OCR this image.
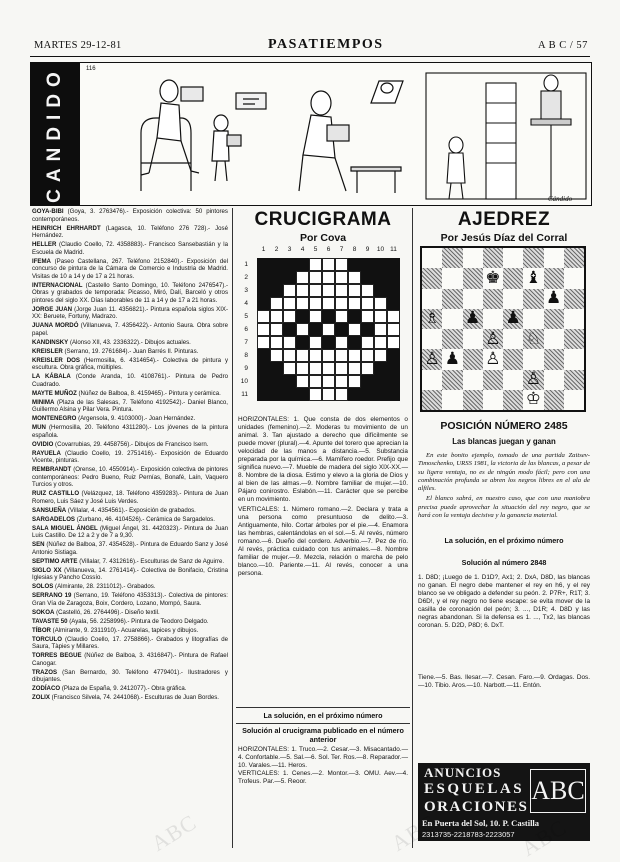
MARTES 29-12-81	PASATIEMPOS	A B C / 57
CANDIDO	116
Cándido

GOYA-BIBI (Goya, 3. 2763476).- Exposición colectiva: 50 pintores contemporáneos.

HEINRICH EHRHARDT (Lagasca, 10. Teléfono 276 728).- José Hernández.

HELLER (Claudio Coello, 72. 4358883).- Francisco Sansebastián y la Escuela de Madrid.

IFEMA (Paseo Castellana, 267. Teléfono 2152840).- Exposición del concurso de pintura de la Cámara de Comercio e Industria de Madrid. Visitas de 10 a 14 y de 17 a 21 horas.

INTERNACIONAL (Castello Santo Domingo, 10. Teléfono 2476547).- Obras y grabados de temporada: Picasso, Miró, Dalí, Barceló y otros pintores del siglo XX. Días laborables de 11 a 14 y de 17 a 21 horas.

JORGE JUAN (Jorge Juan 11. 4356821).- Pintura española siglos XIX-XX: Beruete, Fortuny, Madrazo.

JUANA MORDÓ (Villanueva, 7. 4356422).- Antonio Saura. Obra sobre papel.

KANDINSKY (Alonso XII, 43. 2336322).- Dibujos actuales.

KREISLER (Serrano, 19. 2761684).- Juan Barrés II. Pinturas.

KREISLER DOS (Hermosilla, 6. 4314654).- Colectiva de pintura y escultura. Obra gráfica, múltiples.

LA KÁBALA (Conde Aranda, 10. 4108761).- Pintura de Pedro Cuadrado.

MAYTE MUÑOZ (Núñez de Balboa, 8. 4159465).- Pintura y cerámica.

MINIMA (Plaza de las Salesas, 7. Teléfono 4192542).- Daniel Blanco, Guillermo Alsina y Pilar Vera. Pintura.

MONTENEGRO (Argensola, 9. 4103000).- Joan Hernández.

MUN (Hermosilla, 20. Teléfono 4311280).- Los jóvenes de la pintura española.

OVIDIO (Covarrubias, 29. 4458756).- Dibujos de Francisco Isern.

RAYUELA (Claudio Coello, 19. 2751416).- Exposición de Eduardo Vicente, pinturas.

REMBRANDT (Orense, 10. 4550914).- Exposición colectiva de pintores contemporáneos: Pedro Bueno, Ruiz Pernías, Bonafé, Laín, Vaquero Turcios y otros.

RUIZ CASTILLO (Velázquez, 18. Teléfono 4359283).- Pintura de Juan Romero, Luis Sáez y José Luis Verdes.

SANSUEÑA (Villalar, 4. 4354561).- Exposición de grabados.

SARGADELOS (Zurbano, 46. 4104526).- Cerámica de Sargadelos.

SALA MIGUEL ÁNGEL (Miguel Ángel, 31. 4420323).- Pintura de Juan Luis Castillo. De 12 a 2 y de 7 a 9,30.

SEN (Núñez de Balboa, 37. 4354528).- Pintura de Eduardo Sanz y José Antonio Sistiaga.

SEPTIMO ARTE (Villalar, 7. 4312616).- Esculturas de Sanz de Aguirre.

SIGLO XX (Villanueva, 14. 2761414).- Colectiva de Bonifacio, Cristina Iglesias y Pancho Cossío.

SOLOS (Almirante, 28. 2311012).- Grabados.

SERRANO 19 (Serrano, 19. Teléfono 4353313).- Colectiva de pintores: Gran Vía de Zaragoza, Boix, Cordero, Lozano, Mompó, Saura.

SOKOA (Castelló, 26. 2764496).- Diseño textil.

TAVASTE 50 (Ayala, 56. 2258996).- Pintura de Teodoro Delgado.

TÍBOR (Almirante, 9. 2311910).- Acuarelas, tapices y dibujos.

TORCULO (Claudio Coello, 17. 2758866).- Grabados y litografías de Saura, Tàpies y Millares.

TORRES BEGUE (Núñez de Balboa, 3. 4316847).- Pintura de Rafael Canogar.

TRAZOS (San Bernardo, 30. Teléfono 4779401).- Ilustradores y dibujantes.

ZODÍACO (Plaza de España, 9. 2412077).- Obra gráfica.

ZOLIX (Francisco Silvela, 74. 2441068).- Esculturas de Juan Bordes.

CRUCIGRAMA
Por Cova
1	2	3	4	5	6	7	8	9	10 11
1
2
3
4
5
6
7
8
9
10
11

HORIZONTALES: 1. Que consta de dos elementos o unidades (femenino).—2. Moderas tu movimiento de un animal. 3. Tan ajustado a derecho que difícilmente se puede mover (plural).—4. Apunte del torero que aprecian la velocidad de las manos a distancia.—5. Substancia preparada por la química.—6. Mamífero roedor. Prefijo que significa nuevo.—7. Mueble de madera del siglo XIX-XX.—8. Nombre de la diosa. Estimo y elevo a la gloria de Dios y al bien de las almas.—9. Nombre familiar de mujer.—10. Pájaro conirostro. Eslabón.—11. Carácter que se percibe en un movimiento.

VERTICALES: 1. Número romano.—2. Declara y trata a una persona como presuntuoso de delito.—3. Antiguamente, hilo. Cortar árboles por el pie.—4. Enamora las hembras, calentándolas en el sol.—5. Al revés, número romano.—6. Dueño del cordero. Adverbio.—7. Pez de río. Al revés, práctica cuidado con tus animales.—8. Nombre familiar de mujer.—9. Mezcla, relación o marcha de pelo blanco.—10. Pariente.—11. Al revés, conocer a una persona.

La solución, en el próximo número
Solución al crucigrama publicado en el número anterior

HORIZONTALES: 1. Truco.—2. Cesar.—3. Misacantado.—4. Confortable.—5. Sal.—6. Sol. Ter. Ros.—8. Reparador.—10. Varales.—11. Heros.

VERTICALES: 1. Cenes.—2. Montor.—3. OMU. Aev.—4. Trofeus. Par.—5. Reoor.

AJEDREZ
Por Jesús Díaz del Corral
♚ ♝
♟
♗ ♟ ♟
♙ ♘
♙ ♟ ♙
♙
♔
POSICIÓN NÚMERO 2485
Las blancas juegan y ganan

En este bonito ejemplo, tomado de una partida Zaitsev-Timoschenko, URSS 1981, la victoria de las blancas, a pesar de su ligera ventaja, no es de ningún modo fácil; pero con una combinación profunda se abren los negros libres en el ala de alfiles.

El blanco sabrá, en nuestro caso, que con una maniobra precisa puede aprovechar la situación del rey negro, que se hará con la ventaja decisiva y la ganancia material.

La solución, en el próximo número
Solución al número 2848

1. D8D; ¡Luego de 1. D1D?, Ax1; 2. DxA, D8D, las blancas no ganan. El negro debe mantener el rey en h6, y el rey blanco se ve obligado a defender su peón. 2. P7R+, R1T; 3. D6D!, y el rey negro no tiene escape: se evita mover de la casilla de coronación del peón; 3. ..., D1R; 4. D8D y las negras abandonan. Si la defensa es 1. ..., Tx2, las blancas coronan. 5. D2D, P8D; 6. DxT.

Tiene.—5. Bas. Ilesar.—7. Cesan. Faro.—9. Ordagas. Dos.—10. Tibio. Aros.—10. Narbott.—11. Entón.

ANUNCIOS
ESQUELAS
ORACIONES
ABC
En Puerta del Sol, 10. P. Castilla
2313735-2218783-2223057
ABC	ABC	ABC
